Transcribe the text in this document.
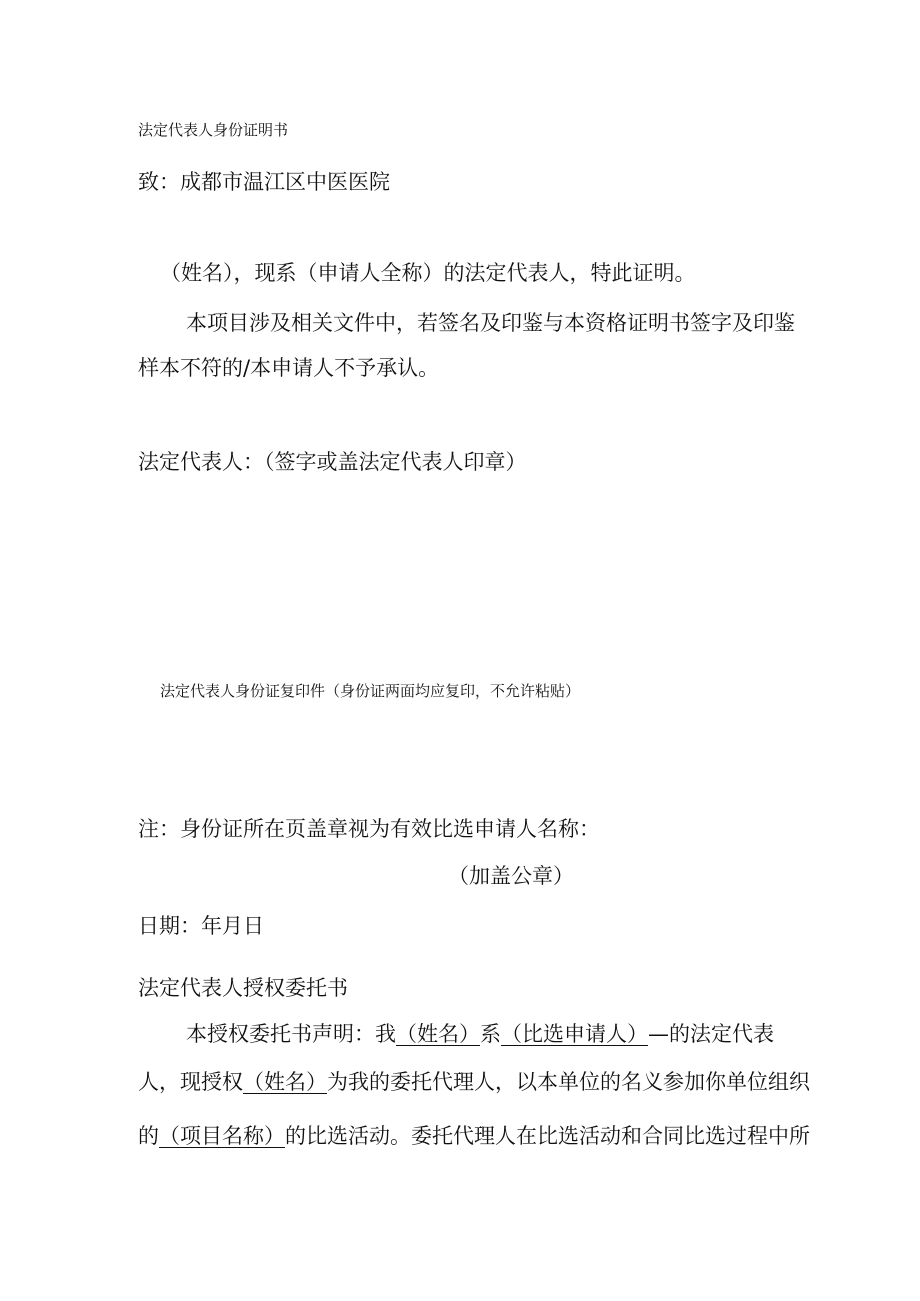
法定代表人身份证明书
致：成都市温江区中医医院
（姓名），现系（申请人全称）的法定代表人，特此证明。
本项目涉及相关文件中，若签名及印鉴与本资格证明书签字及印鉴
样本不符的/本申请人不予承认。
法定代表人：（签字或盖法定代表人印章）
法定代表人身份证复印件（身份证两面均应复印，不允许粘贴）
注：身份证所在页盖章视为有效比选申请人名称：
（加盖公章）
日期：年月日
法定代表人授权委托书
本授权委托书声明：我（姓名）系（比选申请人）—的法定代表
人，现授权（姓名）为我的委托代理人，以本单位的名义参加你单位组织
的（项目名称）的比选活动。委托代理人在比选活动和合同比选过程中所
